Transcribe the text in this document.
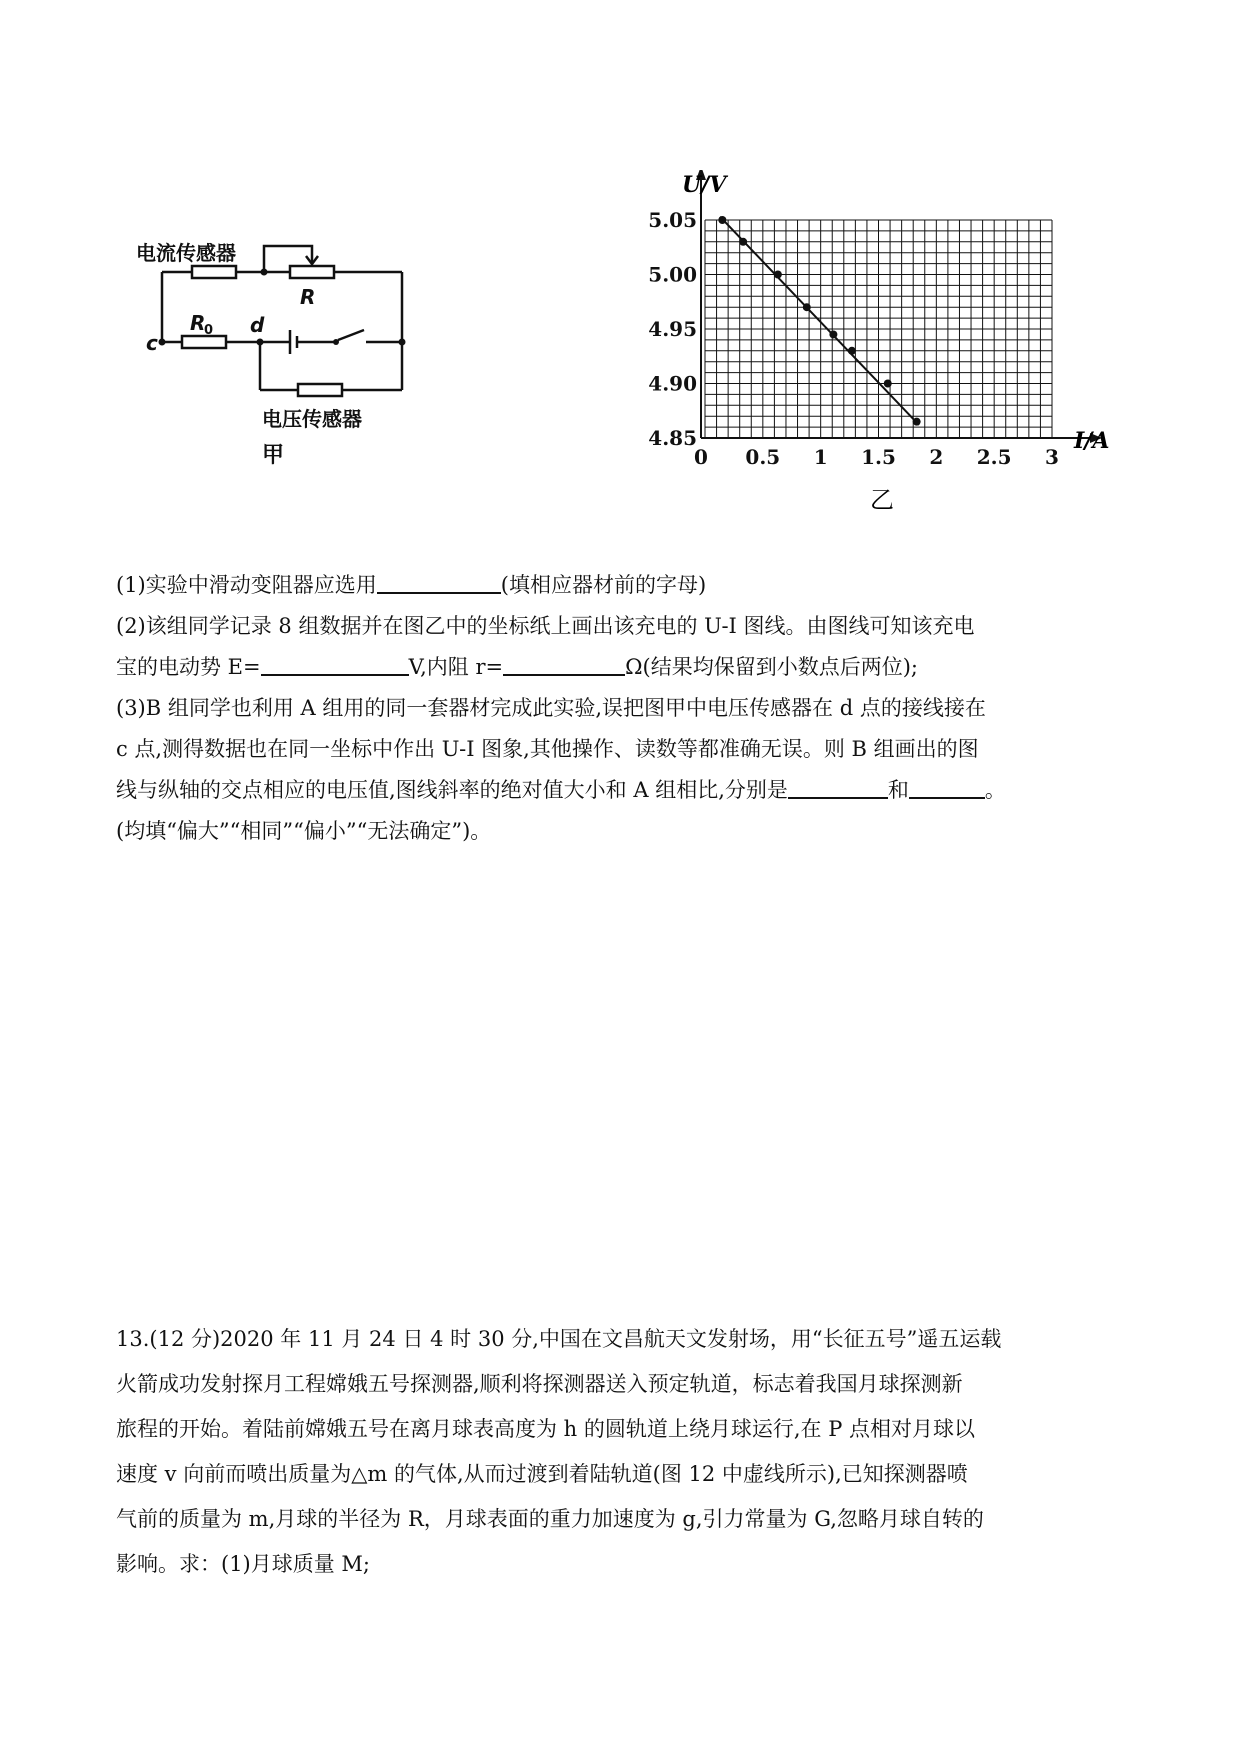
电流传感器
R
R
0 d
c
电压传感器
甲	0 0.5 1 1.5 2 2.5 3
4.85
4.90
4.95
5.00
5.05
U/V
I/A
乙
(1)实验中滑动变阻器应选用	(填相应器材前的字母)
(2)该组同学记录 8 组数据并在图乙中的坐标纸上画出该充电的 U-I 图线。由图线可知该充电
宝的电动势 E=	V,内阻 r=	Ω(结果均保留到小数点后两位);
(3)B 组同学也利用 A 组用的同一套器材完成此实验,误把图甲中电压传感器在 d 点的接线接在
c 点,测得数据也在同一坐标中作出 U-I 图象,其他操作、读数等都准确无误。则 B 组画出的图
线与纵轴的交点相应的电压值,图线斜率的绝对值大小和 A 组相比,分别是	和	。
(均填“偏大”“相同”“偏小”“无法确定”)。
13.(12 分)2020 年 11 月 24 日 4 时 30 分,中国在文昌航天文发射场，用“长征五号”遥五运载
火箭成功发射探月工程嫦娥五号探测器,顺利将探测器送入预定轨道，标志着我国月球探测新
旅程的开始。着陆前嫦娥五号在离月球表高度为 h 的圆轨道上绕月球运行,在 P 点相对月球以
速度 v 向前而喷出质量为△m 的气体,从而过渡到着陆轨道(图 12 中虚线所示),已知探测器喷
气前的质量为 m,月球的半径为 R，月球表面的重力加速度为 g,引力常量为 G,忽略月球自转的
影响。求：(1)月球质量 M;
